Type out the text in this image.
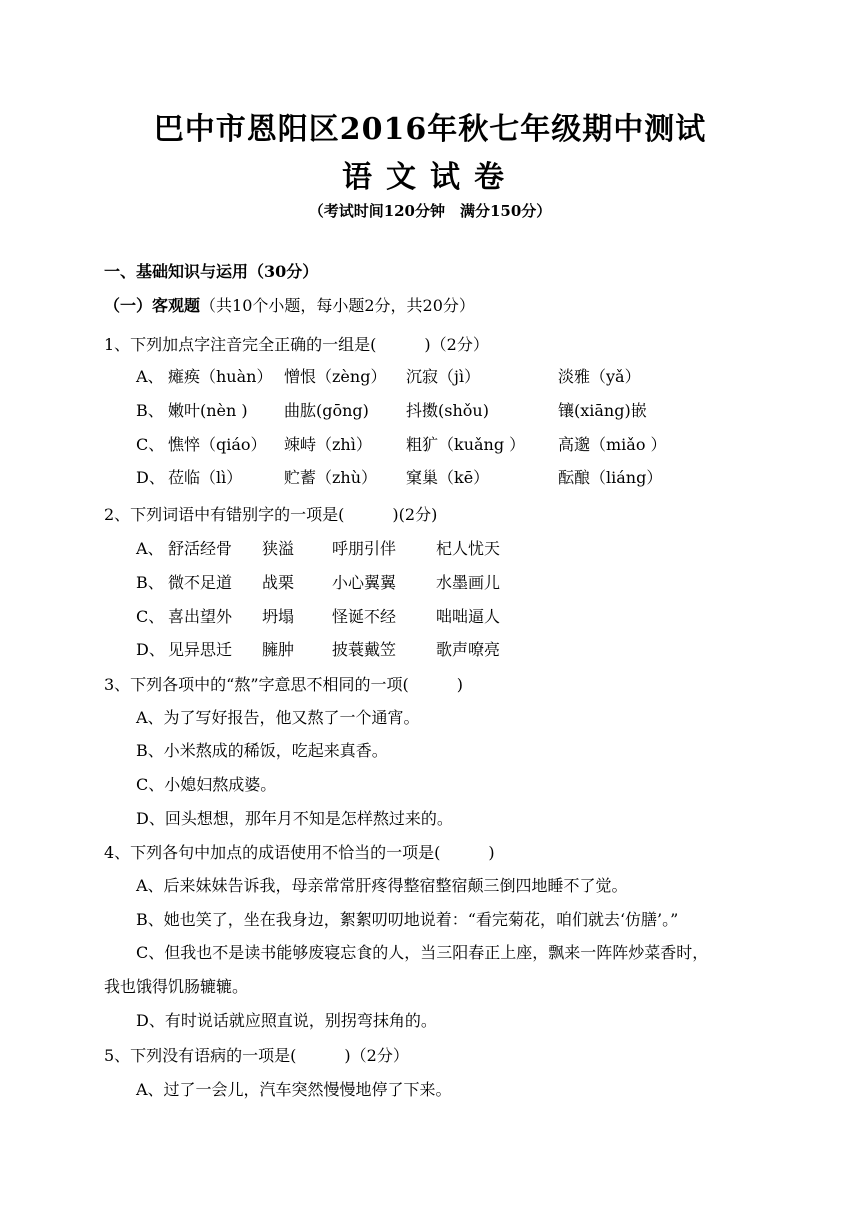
巴中市恩阳区2016年秋七年级期中测试
语文试卷
（考试时间120分钟　满分150分）
一、基础知识与运用（30分）
（一）客观题（共10个小题，每小题2分，共20分）
1、下列加点字注音完全正确的一组是(　　　)（2分）
A、 瘫痪（huàn） 憎恨（zèng） 沉寂（jì）	淡雅（yǎ）
B、 嫩叶(nèn ) 曲肱(gōng) 抖擞(shǒu)	镶(xiāng)嵌
C、 憔悴（qiáo） 竦峙（zhì） 粗犷（kuǎng ） 高邈（miǎo ）
D、 莅临（lì）	贮蓄（zhù） 窠巢（kē）	酝酿（liáng）
2、下列词语中有错别字的一项是(　　　)(2分)
A、 舒活经骨 狭溢 呼朋引伴 杞人忧天
B、 微不足道 战栗 小心翼翼 水墨画儿
C、 喜出望外 坍塌 怪诞不经 咄咄逼人
D、 见异思迁 臃肿 披蓑戴笠 歌声嘹亮
3、下列各项中的“熬”字意思不相同的一项(　　　)
A、为了写好报告，他又熬了一个通宵。
B、小米熬成的稀饭，吃起来真香。
C、小媳妇熬成婆。
D、回头想想，那年月不知是怎样熬过来的。
4、下列各句中加点的成语使用不恰当的一项是(　　　)
A、后来妹妹告诉我，母亲常常肝疼得整宿整宿颠三倒四地睡不了觉。
B、她也笑了，坐在我身边，絮絮叨叨地说着：“看完菊花，咱们就去‘仿膳’。”
C、但我也不是读书能够废寝忘食的人，当三阳春正上座，飘来一阵阵炒菜香时，
我也饿得饥肠辘辘。
D、有时说话就应照直说，别拐弯抹角的。
5、下列没有语病的一项是(　　　)（2分）
A、过了一会儿，汽车突然慢慢地停了下来。
